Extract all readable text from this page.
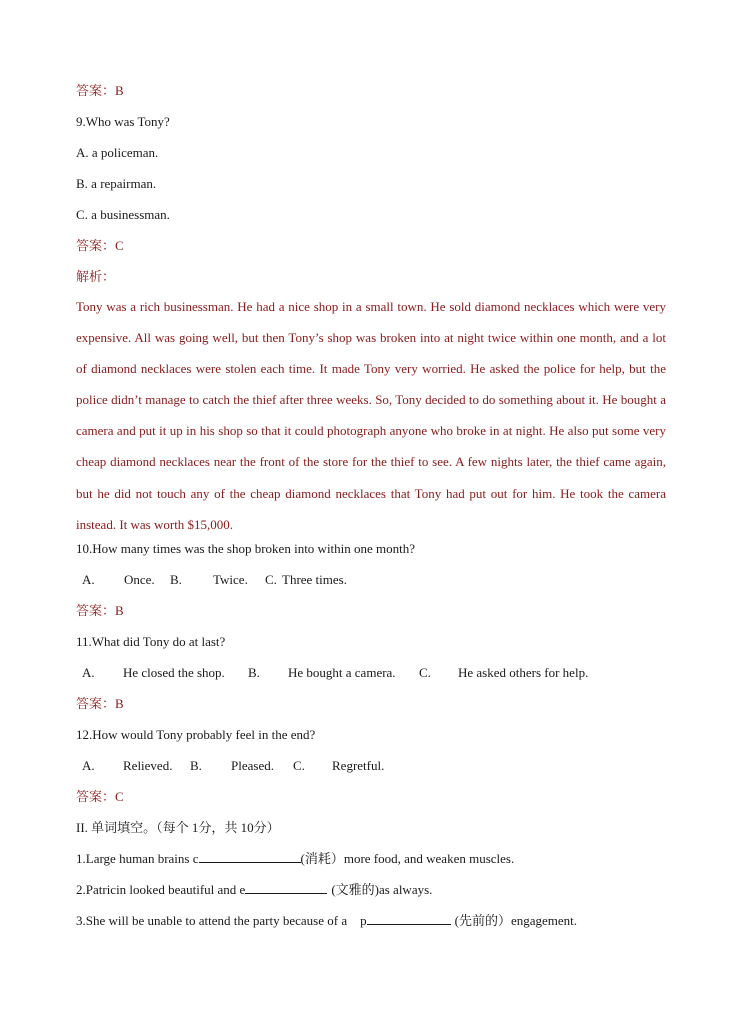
答案：B
9.Who was Tony?
A. a policeman.
B. a repairman.
C. a businessman.
答案：C
解析：
Tony was a rich businessman. He had a nice shop in a small town. He sold diamond necklaces which were very expensive. All was going well, but then Tony’s shop was broken into at night twice within one month, and a lot of diamond necklaces were stolen each time. It made Tony very worried. He asked the police for help, but the police didn’t manage to catch the thief after three weeks. So, Tony decided to do something about it. He bought a camera and put it up in his shop so that it could photograph anyone who broke in at night. He also put some very cheap diamond necklaces near the front of the store for the thief to see. A few nights later, the thief came again, but he did not touch any of the cheap diamond necklaces that Tony had put out for him. He took the camera instead. It was worth $15,000.
10.How many times was the shop broken into within one month?
A. Once. B. Twice. C. Three times.
答案：B
11.What did Tony do at last?
A. He closed the shop. B. He bought a camera. C. He asked others for help.
答案：B
12.How would Tony probably feel in the end?
A. Relieved. B. Pleased. C. Regretful.
答案：C
II. 单词填空。（每个 1分，共 10分）
1.Large human brains c	(消耗）more food, and weaken muscles.
2.Patricin looked beautiful and e	(文雅的)as always.
3.She will be unable to attend the party because of a    p	(先前的）engagement.
